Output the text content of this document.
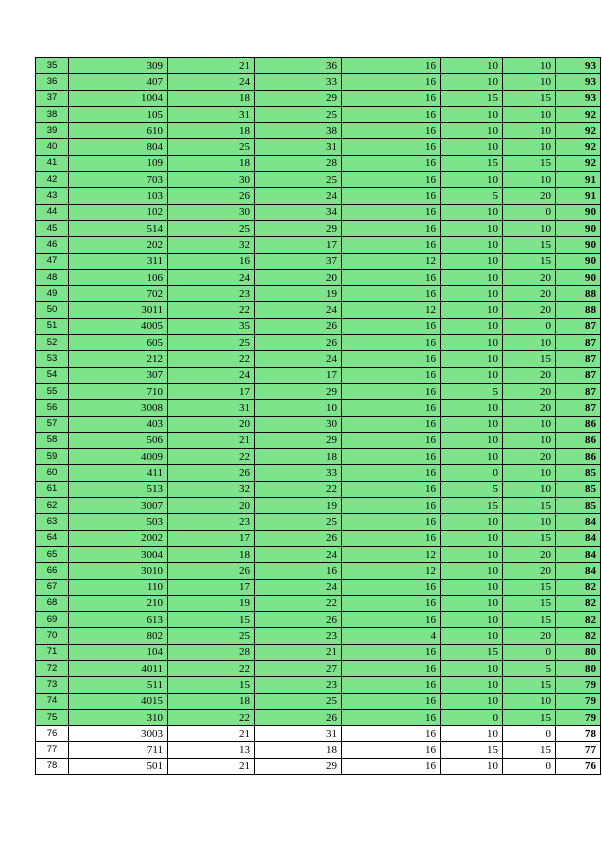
35	309	21	36	16	10	10	93
36	407	24	33	16	10	10	93
37	1004	18	29	16	15	15	93
38	105	31	25	16	10	10	92
39	610	18	38	16	10	10	92
40	804	25	31	16	10	10	92
41	109	18	28	16	15	15	92
42	703	30	25	16	10	10	91
43	103	26	24	16	5	20	91
44	102	30	34	16	10	0	90
45	514	25	29	16	10	10	90
46	202	32	17	16	10	15	90
47	311	16	37	12	10	15	90
48	106	24	20	16	10	20	90
49	702	23	19	16	10	20	88
50	3011	22	24	12	10	20	88
51	4005	35	26	16	10	0	87
52	605	25	26	16	10	10	87
53	212	22	24	16	10	15	87
54	307	24	17	16	10	20	87
55	710	17	29	16	5	20	87
56	3008	31	10	16	10	20	87
57	403	20	30	16	10	10	86
58	506	21	29	16	10	10	86
59	4009	22	18	16	10	20	86
60	411	26	33	16	0	10	85
61	513	32	22	16	5	10	85
62	3007	20	19	16	15	15	85
63	503	23	25	16	10	10	84
64	2002	17	26	16	10	15	84
65	3004	18	24	12	10	20	84
66	3010	26	16	12	10	20	84
67	110	17	24	16	10	15	82
68	210	19	22	16	10	15	82
69	613	15	26	16	10	15	82
70	802	25	23	4	10	20	82
71	104	28	21	16	15	0	80
72	4011	22	27	16	10	5	80
73	511	15	23	16	10	15	79
74	4015	18	25	16	10	10	79
75	310	22	26	16	0	15	79
76	3003	21	31	16	10	0	78
77	711	13	18	16	15	15	77
78	501	21	29	16	10	0	76
